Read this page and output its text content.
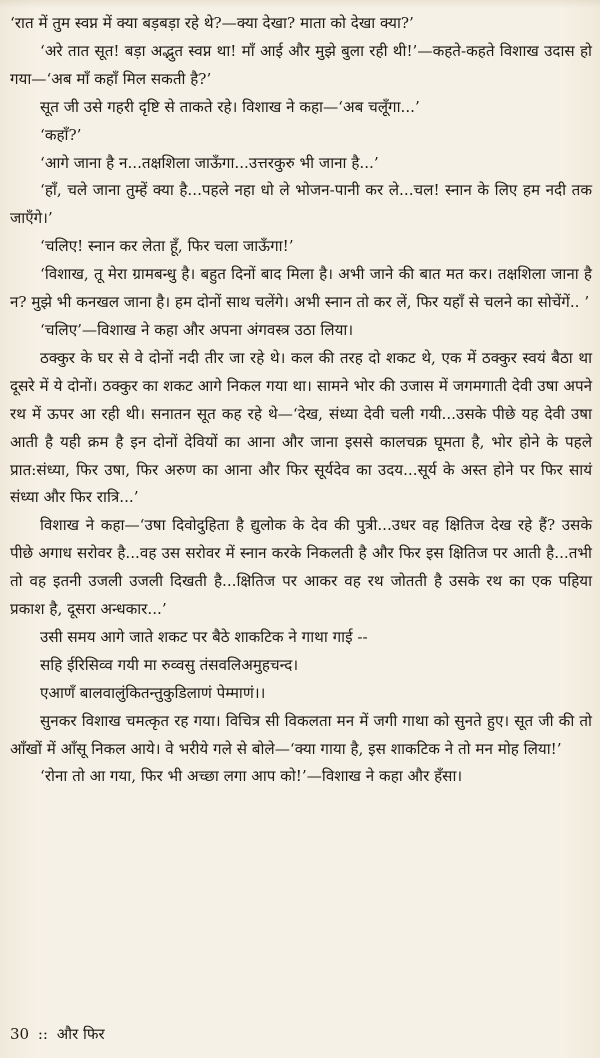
‘रात में तुम स्वप्न में क्या बड़बड़ा रहे थे?—क्या देखा? माता को देखा क्या?’

‘अरे तात सूत! बड़ा अद्भुत स्वप्न था! माँ आई और मुझे बुला रही थी!’—कहते-कहते विशाख उदास हो गया—‘अब माँ कहाँ मिल सकती है?’

सूत जी उसे गहरी दृष्टि से ताकते रहे। विशाख ने कहा—‘अब चलूँगा...’

‘कहाँ?’

‘आगे जाना है न...तक्षशिला जाऊँगा...उत्तरकुरु भी जाना है...’

‘हाँ, चले जाना तुम्हें क्या है...पहले नहा धो ले भोजन-पानी कर ले...चल! स्नान के लिए हम नदी तक जाएँगे।’

‘चलिए! स्नान कर लेता हूँ, फिर चला जाऊँगा!’

‘विशाख, तू मेरा ग्रामबन्धु है। बहुत दिनों बाद मिला है। अभी जाने की बात मत कर। तक्षशिला जाना है न? मुझे भी कनखल जाना है। हम दोनों साथ चलेंगे। अभी स्नान तो कर लें, फिर यहाँ से चलने का सोचेंगें.. ’

‘चलिए’—विशाख ने कहा और अपना अंगवस्त्र उठा लिया।

ठक्कुर के घर से वे दोनों नदी तीर जा रहे थे। कल की तरह दो शकट थे, एक में ठक्कुर स्वयं बैठा था दूसरे में ये दोनों। ठक्कुर का शकट आगे निकल गया था। सामने भोर की उजास में जगमगाती देवी उषा अपने रथ में ऊपर आ रही थी। सनातन सूत कह रहे थे—‘देख, संध्या देवी चली गयी...उसके पीछे यह देवी उषा आती है यही क्रम है इन दोनों देवियों का आना और जाना इससे कालचक्र घूमता है, भोर होने के पहले प्रात:संध्या, फिर उषा, फिर अरुण का आना और फिर सूर्यदेव का उदय...सूर्य के अस्त होने पर फिर सायं संध्या और फिर रात्रि...’

विशाख ने कहा—‘उषा दिवोदुहिता है द्युलोक के देव की पुत्री...उधर वह क्षितिज देख रहे हैं? उसके पीछे अगाध सरोवर है...वह उस सरोवर में स्नान करके निकलती है और फिर इस क्षितिज पर आती है...तभी तो वह इतनी उजली उजली दिखती है...क्षितिज पर आकर वह रथ जोतती है उसके रथ का एक पहिया प्रकाश है, दूसरा अन्धकार...’

उसी समय आगे जाते शकट पर बैठे शाकटिक ने गाथा गाई --

सहि ईरिसिव्व गयी मा रुव्वसु तंसवलिअमुहचन्द।

एआणँ बालवालुंकितन्तुकुडिलाणं पेम्माणं।।

सुनकर विशाख चमत्कृत रह गया। विचित्र सी विकलता मन में जगी गाथा को सुनते हुए। सूत जी की तो आँखों में आँसू निकल आये। वे भरीये गले से बोले—‘क्या गाया है, इस शाकटिक ने तो मन मोह लिया!’

‘रोना तो आ गया, फिर भी अच्छा लगा आप को!’—विशाख ने कहा और हँसा।

30 :: और फिर
